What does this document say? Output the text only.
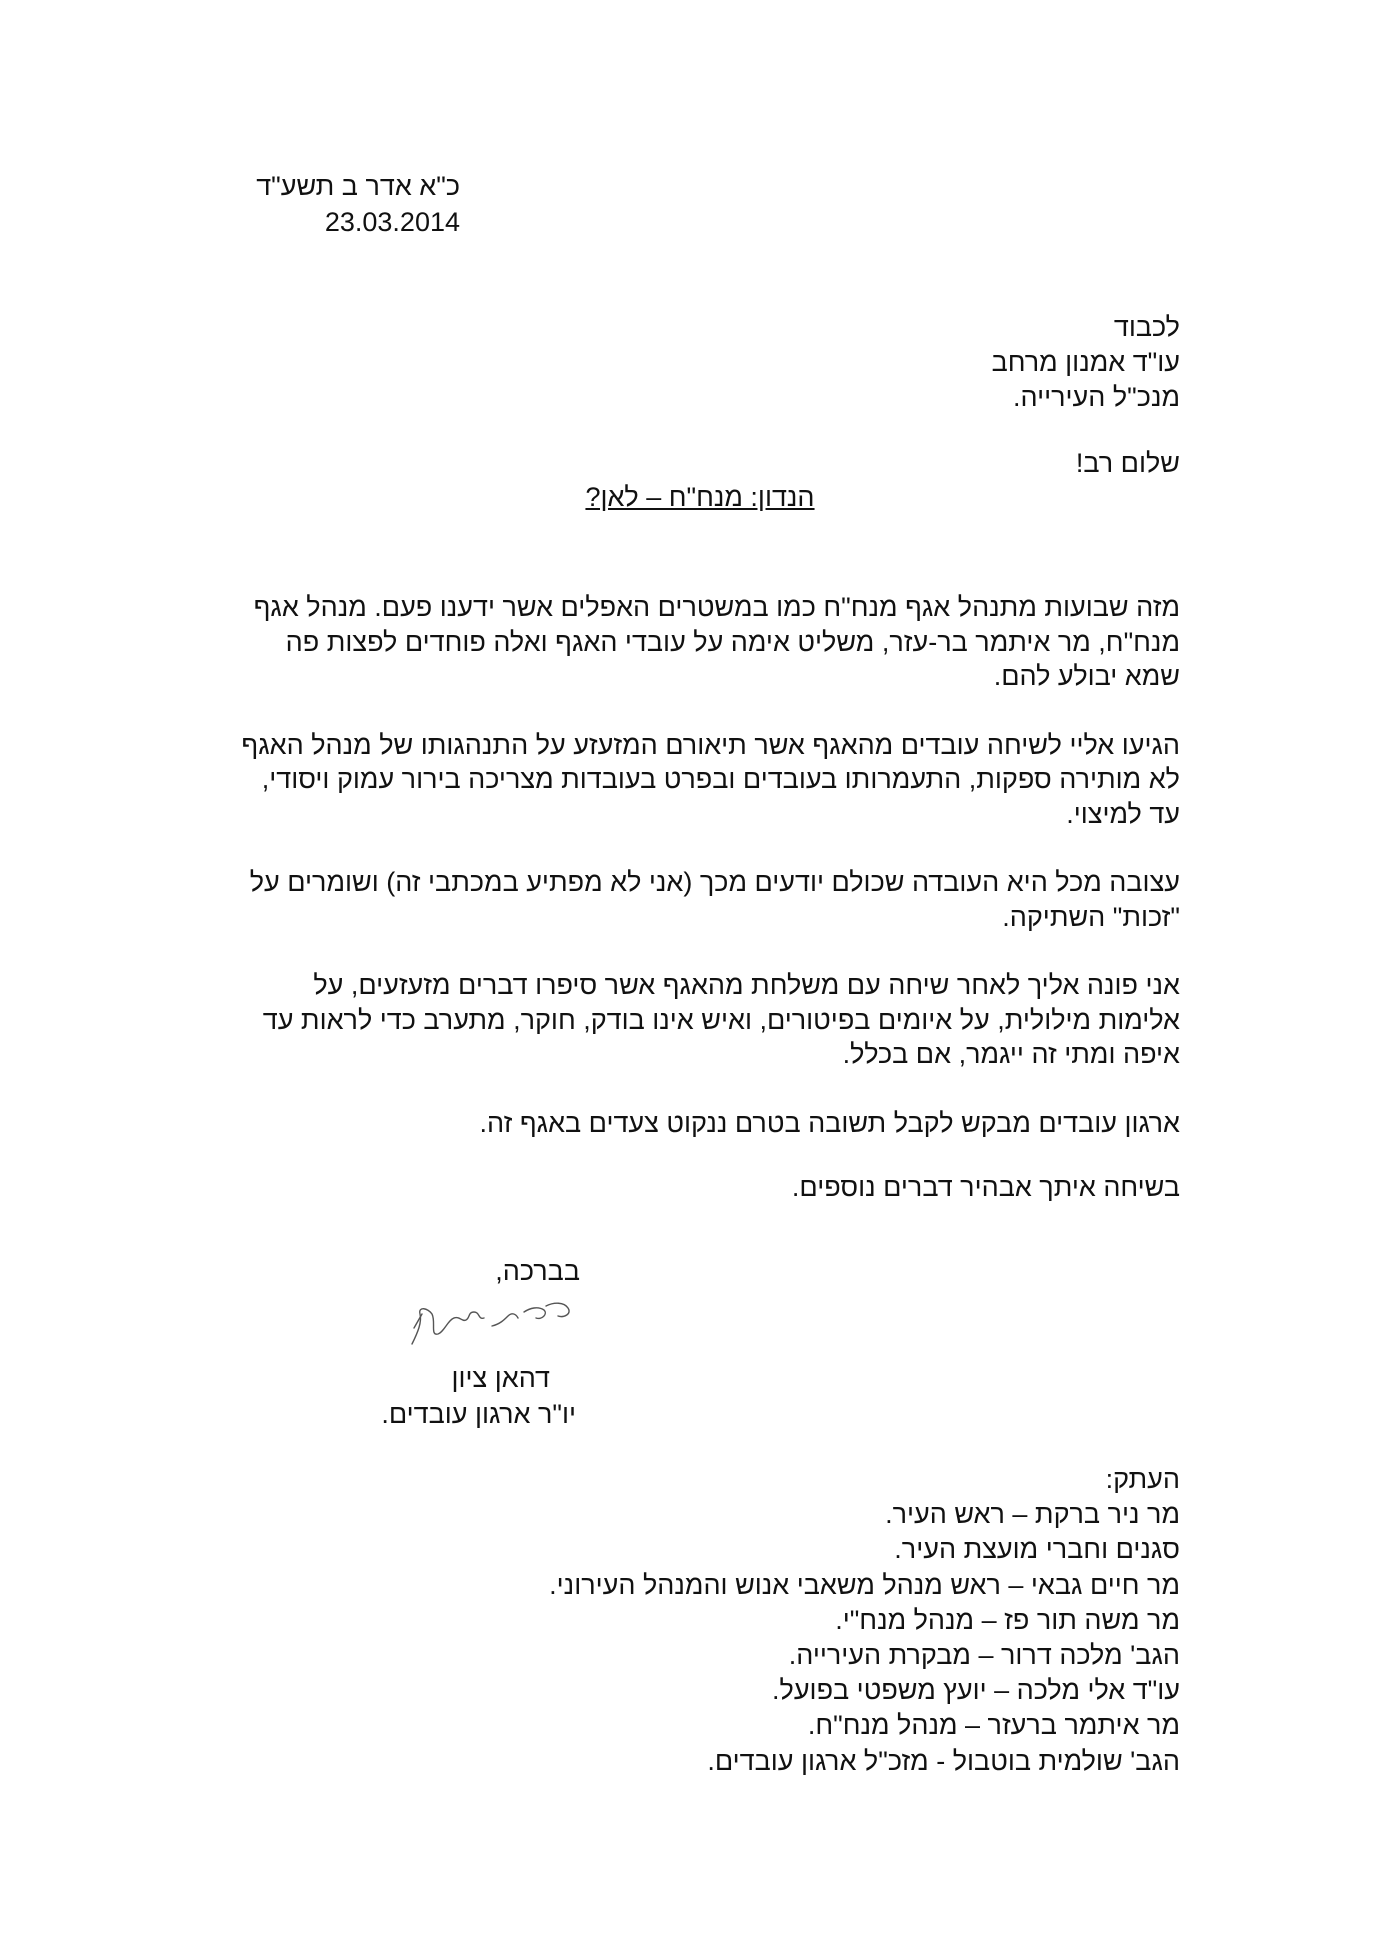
כ"א אדר ב תשע"ד
23.03.2014
לכבוד
עו"ד אמנון מרחב
מנכ"ל העירייה.
שלום רב!
הנדון: מנח"ח – לאן?

מזה שבועות מתנהל אגף מנח"ח כמו במשטרים האפלים אשר ידענו פעם. מנהל אגף מנח"ח, מר איתמר בר-עזר, משליט אימה על עובדי האגף ואלה פוחדים לפצות פה שמא יבולע להם.

הגיעו אליי לשיחה עובדים מהאגף אשר תיאורם המזעזע על התנהגותו של מנהל האגף לא מותירה ספקות, התעמרותו בעובדים ובפרט בעובדות מצריכה בירור עמוק ויסודי, עד למיצוי.

עצובה מכל היא העובדה שכולם יודעים מכך (אני לא מפתיע במכתבי זה) ושומרים על "זכות" השתיקה.

אני פונה אליך לאחר שיחה עם משלחת מהאגף אשר סיפרו דברים מזעזעים, על אלימות מילולית, על איומים בפיטורים, ואיש אינו בודק, חוקר, מתערב כדי לראות עד איפה ומתי זה ייגמר, אם בכלל.

ארגון עובדים מבקש לקבל תשובה בטרם ננקוט צעדים באגף זה.

בשיחה איתך אבהיר דברים נוספים.

בברכה,
דהאן ציון
יו"ר ארגון עובדים.
העתק:
מר ניר ברקת – ראש העיר.
סגנים וחברי מועצת העיר.
מר חיים גבאי – ראש מנהל משאבי אנוש והמנהל העירוני.
מר משה תור פז – מנהל מנח"י.
הגב' מלכה דרור – מבקרת העירייה.
עו"ד אלי מלכה – יועץ משפטי בפועל.
מר איתמר ברעזר – מנהל מנח"ח.
הגב' שולמית בוטבול - מזכ"ל ארגון עובדים.
